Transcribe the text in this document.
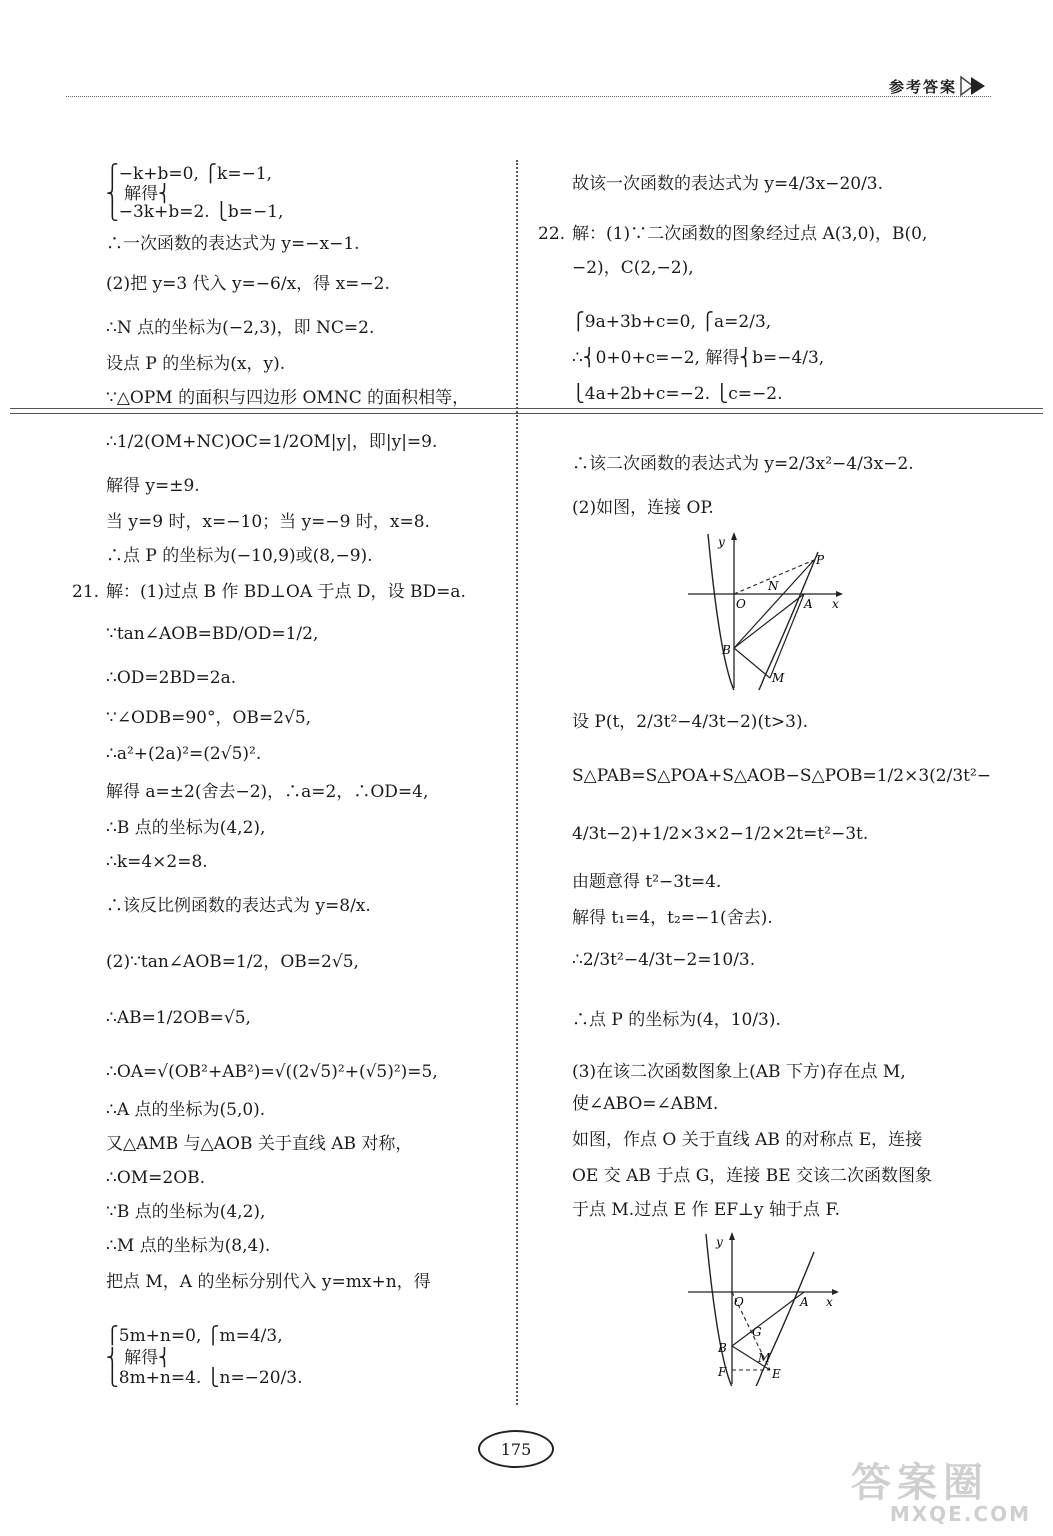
参考答案
⎧−k+b=0, ⎧k=−1,
⎨ 解得⎨
⎩−3k+b=2. ⎩b=−1,
∴一次函数的表达式为 y=−x−1.
(2)把 y=3 代入 y=−6/x，得 x=−2.
∴N 点的坐标为(−2,3)，即 NC=2.
设点 P 的坐标为(x，y).
∵△OPM 的面积与四边形 OMNC 的面积相等，
∴1/2(OM+NC)OC=1/2OM|y|，即|y|=9.
解得 y=±9.
当 y=9 时，x=−10；当 y=−9 时，x=8.
∴点 P 的坐标为(−10,9)或(8,−9).
21. 解：(1)过点 B 作 BD⊥OA 于点 D，设 BD=a.
∵tan∠AOB=BD/OD=1/2,
∴OD=2BD=2a.
∵∠ODB=90°，OB=2√5,
∴a²+(2a)²=(2√5)².
解得 a=±2(舍去−2)，∴a=2，∴OD=4,
∴B 点的坐标为(4,2),
∴k=4×2=8.
∴该反比例函数的表达式为 y=8/x.
(2)∵tan∠AOB=1/2，OB=2√5,
∴AB=1/2OB=√5,
∴OA=√(OB²+AB²)=√((2√5)²+(√5)²)=5,
∴A 点的坐标为(5,0).
又△AMB 与△AOB 关于直线 AB 对称，
∴OM=2OB.
∵B 点的坐标为(4,2),
∴M 点的坐标为(8,4).
把点 M，A 的坐标分别代入 y=mx+n，得
⎧5m+n=0, ⎧m=4/3,
⎨ 解得⎨
⎩8m+n=4. ⎩n=−20/3.
故该一次函数的表达式为 y=4/3x−20/3.
22. 解：(1)∵二次函数的图象经过点 A(3,0)，B(0,
−2)，C(2,−2),
⎧9a+3b+c=0, ⎧a=2/3,
∴⎨0+0+c=−2, 解得⎨b=−4/3,
⎩4a+2b+c=−2. ⎩c=−2.
∴该二次函数的表达式为 y=2/3x²−4/3x−2.
(2)如图，连接 OP.
y
P
N
O	A x
B
M
设 P(t，2/3t²−4/3t−2)(t>3).
S△PAB=S△POA+S△AOB−S△POB=1/2×3(2/3t²−
4/3t−2)+1/2×3×2−1/2×2t=t²−3t.
由题意得 t²−3t=4.
解得 t₁=4，t₂=−1(舍去).
∴2/3t²−4/3t−2=10/3.
∴点 P 的坐标为(4，10/3).
(3)在该二次函数图象上(AB 下方)存在点 M,
使∠ABO=∠ABM.
如图，作点 O 关于直线 AB 的对称点 E，连接
OE 交 AB 于点 G，连接 BE 交该二次函数图象
于点 M.过点 E 作 EF⊥y 轴于点 F.
y
O	A x
G
B
M
F	E
175
答案圈
MXQE.COM
